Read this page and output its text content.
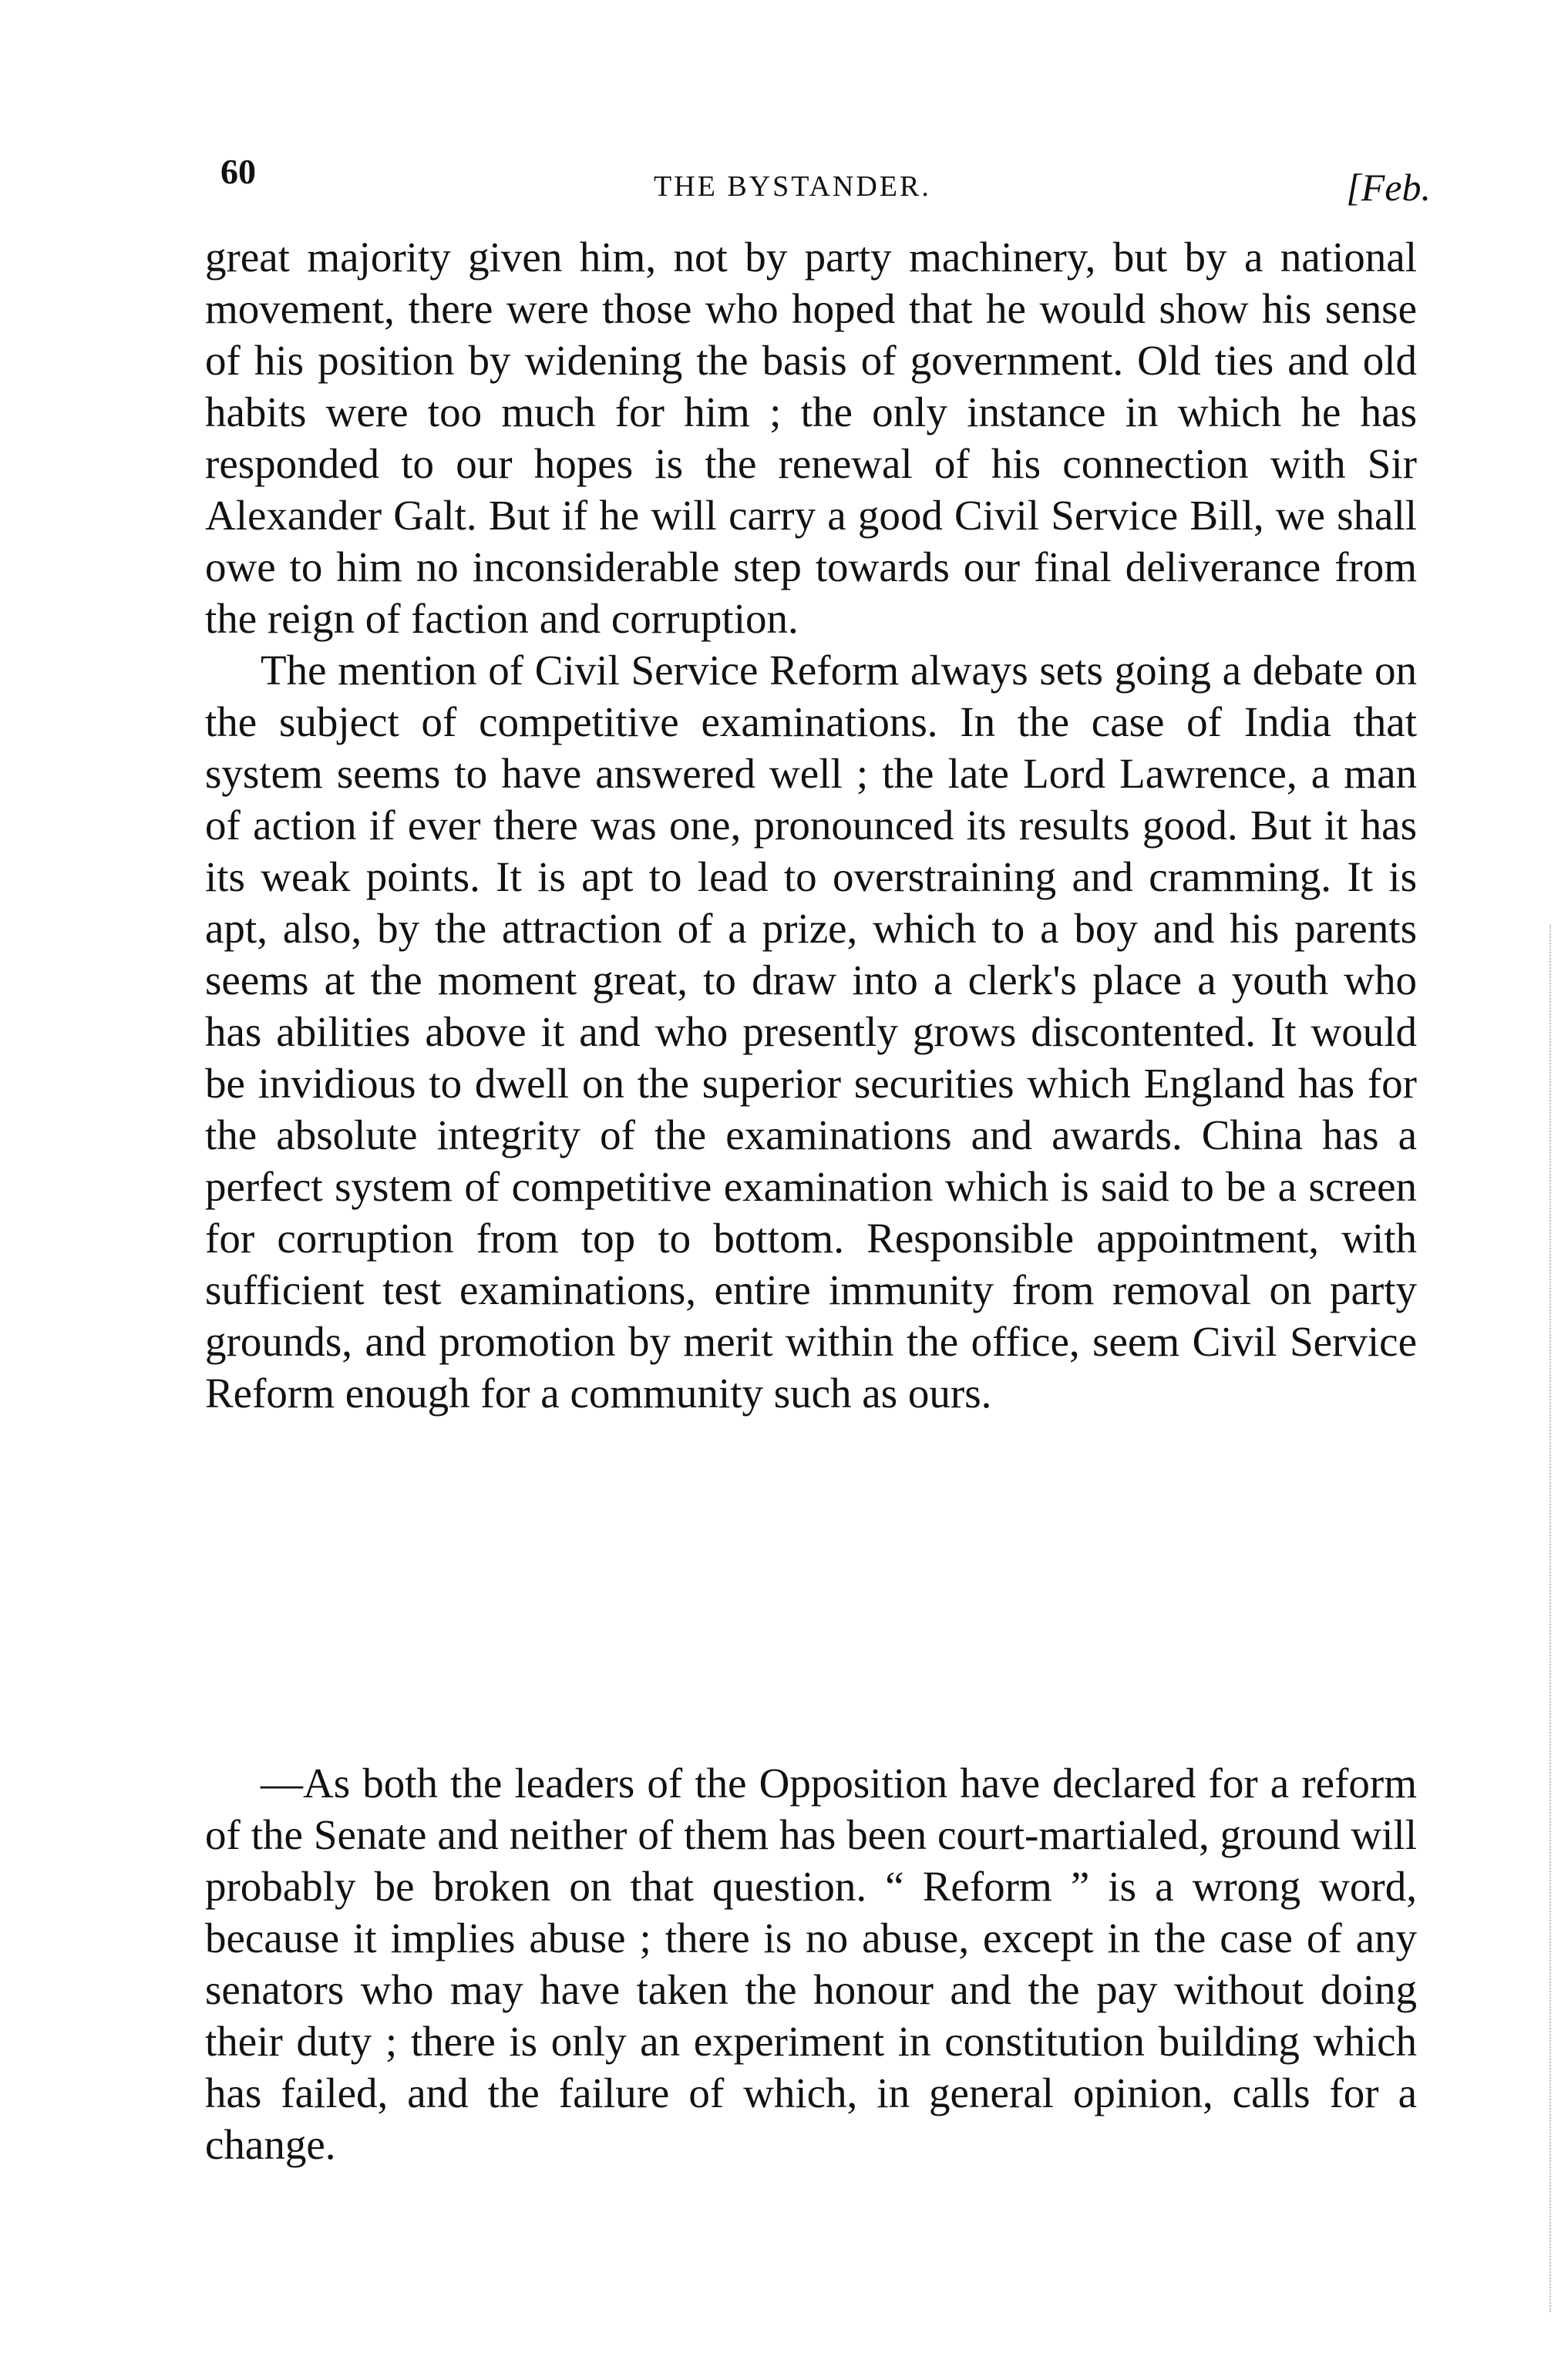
60	THE BYSTANDER.	[Feb.

great majority given him, not by party machinery, but by a national movement, there were those who hoped that he would show his sense of his position by widening the basis of government. Old ties and old habits were too much for him ; the only instance in which he has responded to our hopes is the renewal of his connection with Sir Alexander Galt. But if he will carry a good Civil Service Bill, we shall owe to him no inconsiderable step towards our final deliverance from the reign of faction and corruption.

The mention of Civil Service Reform always sets going a debate on the subject of competitive examinations. In the case of India that system seems to have answered well ; the late Lord Lawrence, a man of action if ever there was one, pronounced its results good. But it has its weak points. It is apt to lead to overstraining and cramming. It is apt, also, by the attraction of a prize, which to a boy and his parents seems at the moment great, to draw into a clerk's place a youth who has abilities above it and who presently grows discontented. It would be invidious to dwell on the superior securities which England has for the absolute integrity of the examinations and awards. China has a perfect system of competitive examination which is said to be a screen for corruption from top to bottom. Responsible appointment, with sufficient test examinations, entire immunity from removal on party grounds, and promotion by merit within the office, seem Civil Service Reform enough for a community such as ours.

—As both the leaders of the Opposition have declared for a reform of the Senate and neither of them has been court-martialed, ground will probably be broken on that question. “ Reform ” is a wrong word, because it implies abuse ; there is no abuse, except in the case of any senators who may have taken the honour and the pay without doing their duty ; there is only an experiment in constitution building which has failed, and the failure of which, in general opinion, calls for a change.
